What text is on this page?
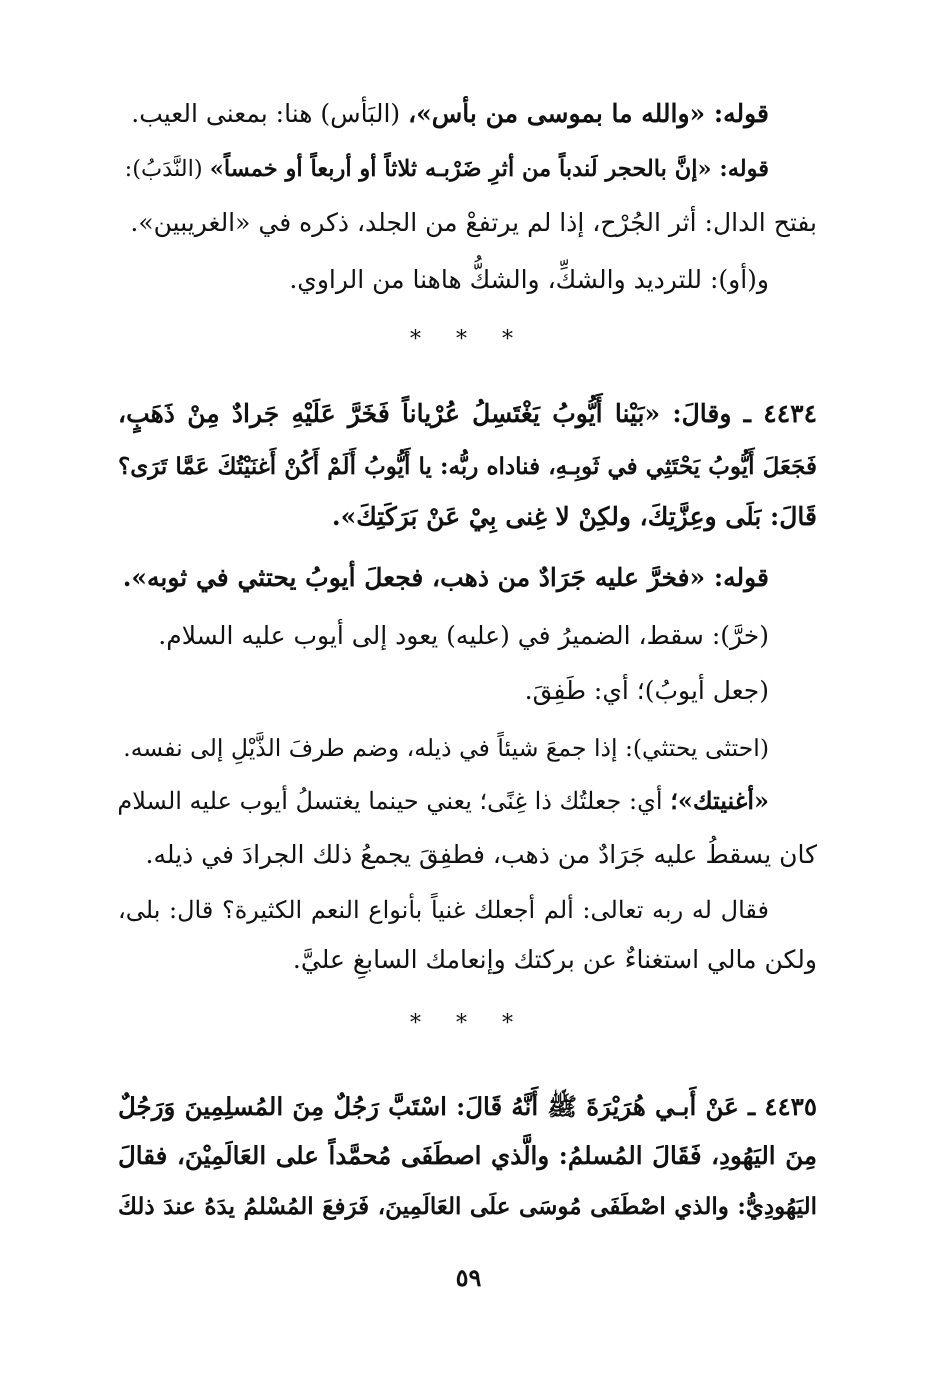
قوله: «والله ما بموسى من بأس»، (البَأس) هنا: بمعنى العيب.
قوله: «إنَّ بالحجر لَندباً من أثرِ ضَرْبـه ثلاثاً أو أربعاً أو خمساً» (النَّدَبُ):
بفتح الدال: أثر الجُرْح، إذا لم يرتفعْ من الجلد، ذكره في «الغريبين».
و(أو): للترديد والشكِّ، والشكُّ هاهنا من الراوي.
* * *
٤٤٣٤ ـ وقالَ: «بَيْنا أَيُّوبُ يَغْتَسِلُ عُرْياناً فَخَرَّ عَلَيْهِ جَرادٌ مِنْ ذَهَبٍ،
فَجَعَلَ أَيُّوبُ يَحْتَثِي في ثَوبِـهِ، فناداه ربُّه: يا أَيُّوبُ أَلَمْ أَكُنْ أَغنَيْتُكَ عَمَّا تَرَى؟
قَالَ: بَلَى وعِزَّتِكَ، ولكِنْ لا غِنى بِيْ عَنْ بَرَكَتِكَ».
قوله: «فخرَّ عليه جَرَادٌ من ذهب، فجعلَ أيوبُ يحتثي في ثوبه».
(خرَّ): سقط، الضميرُ في (عليه) يعود إلى أيوب عليه السلام.
(جعل أيوبُ)؛ أي: طَفِقَ.
(احتثى يحتثي): إذا جمعَ شيئاً في ذيله، وضم طرفَ الذَّيْلِ إلى نفسه.
«أغنيتك»؛ أي: جعلتُك ذا غِنًى؛ يعني حينما يغتسلُ أيوب عليه السلام
كان يسقطُ عليه جَرَادٌ من ذهب، فطفِقَ يجمعُ ذلك الجرادَ في ذيله.
فقال له ربه تعالى: ألم أجعلك غنياً بأنواع النعم الكثيرة؟ قال: بلى،
ولكن مالي استغناءٌ عن بركتك وإنعامك السابغِ عليَّ.
* * *
٤٤٣٥ ـ عَنْ أَبـي هُرَيْرَةَ ﷺ أَنَّهُ قَالَ: اسْتَبَّ رَجُلٌ مِنَ المُسلِمِينَ وَرَجُلٌ
مِنَ اليَهُودِ، فَقَالَ المُسلمُ: والَّذي اصطَفَى مُحمَّداً على العَالَمِيْنَ، فقالَ
اليَهُودِيُّ: والذي اصْطَفَى مُوسَى علَى العَالَمِينَ، فَرَفعَ المُسْلمُ يدَهُ عندَ ذلكَ
٥٩
